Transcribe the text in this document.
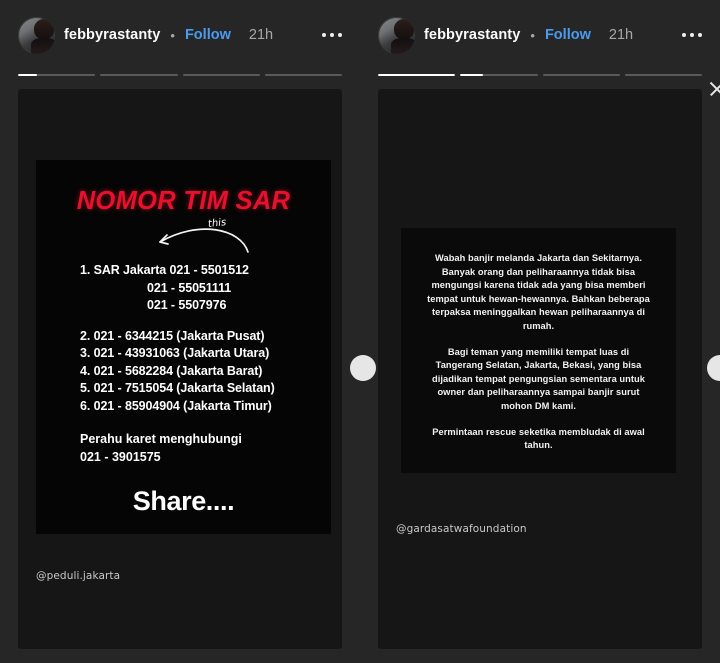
febbyrastanty • Follow 21h
NOMOR TIM SAR
this
1. SAR Jakarta 021 - 5501512
021 - 55051111
021 - 5507976
2. 021 - 6344215 (Jakarta Pusat)
3. 021 - 43931063 (Jakarta Utara)
4. 021 - 5682284 (Jakarta Barat)
5. 021 - 7515054 (Jakarta Selatan)
6. 021 - 85904904 (Jakarta Timur)
Perahu karet menghubungi
021 - 3901575
Share....
@peduli.jakarta
febbyrastanty • Follow 21h

Wabah banjir melanda Jakarta dan Sekitarnya. Banyak orang dan peliharaannya tidak bisa mengungsi karena tidak ada yang bisa memberi tempat untuk hewan-hewannya. Bahkan beberapa terpaksa meninggalkan hewan peliharaannya di rumah.

Bagi teman yang memiliki tempat luas di Tangerang Selatan, Jakarta, Bekasi, yang bisa dijadikan tempat pengungsian sementara untuk owner dan peliharaannya sampai banjir surut mohon DM kami.

Permintaan rescue seketika membludak di awal tahun.

@gardasatwafoundation
